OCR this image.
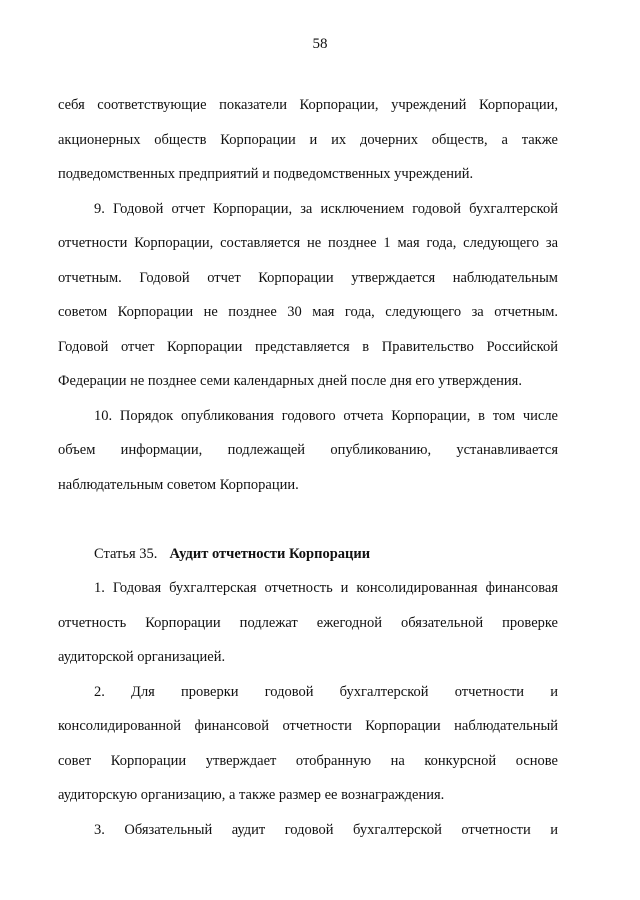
58
себя соответствующие показатели Корпорации, учреждений Корпорации,
акционерных обществ Корпорации и их дочерних обществ, а также
подведомственных предприятий и подведомственных учреждений.
9. Годовой отчет Корпорации, за исключением годовой бухгалтерской
отчетности Корпорации, составляется не позднее 1 мая года, следующего за
отчетным. Годовой отчет Корпорации утверждается наблюдательным
советом Корпорации не позднее 30 мая года, следующего за отчетным.
Годовой отчет Корпорации представляется в Правительство Российской
Федерации не позднее семи календарных дней после дня его утверждения.
10. Порядок опубликования годового отчета Корпорации, в том числе
объем информации, подлежащей опубликованию, устанавливается
наблюдательным советом Корпорации.
Статья 35. Аудит отчетности Корпорации
1. Годовая бухгалтерская отчетность и консолидированная финансовая
отчетность Корпорации подлежат ежегодной обязательной проверке
аудиторской организацией.
2. Для проверки годовой бухгалтерской отчетности и
консолидированной финансовой отчетности Корпорации наблюдательный
совет Корпорации утверждает отобранную на конкурсной основе
аудиторскую организацию, а также размер ее вознаграждения.
3. Обязательный аудит годовой бухгалтерской отчетности и
